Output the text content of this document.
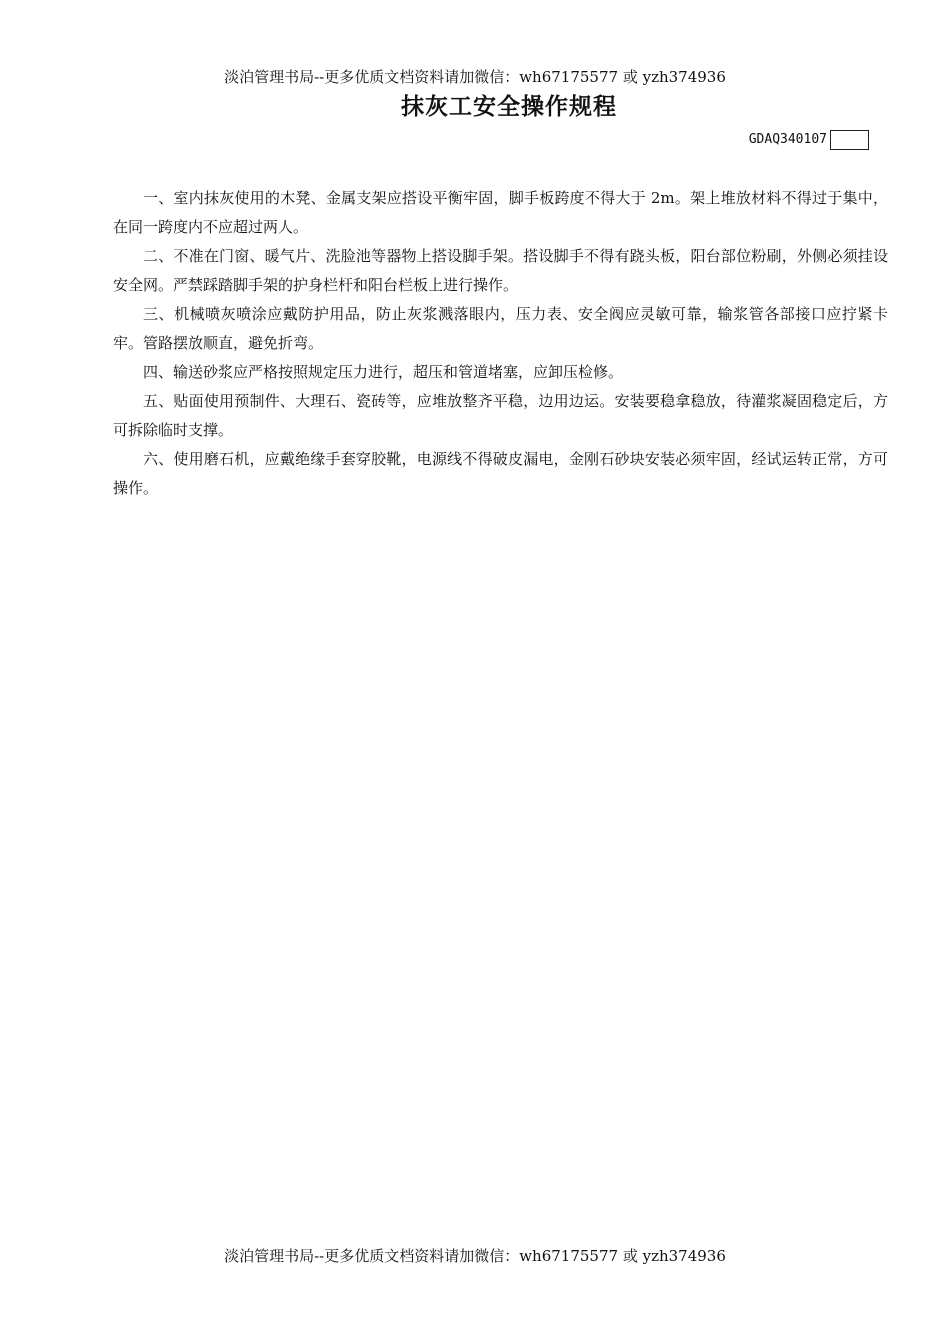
淡泊管理书局--更多优质文档资料请加微信：wh67175577 或 yzh374936
抹灰工安全操作规程
GDAQ340107

一、室内抹灰使用的木凳、金属支架应搭设平衡牢固，脚手板跨度不得大于 2m。架上堆放材料不得过于集中，在同一跨度内不应超过两人。

二、不准在门窗、暖气片、洗脸池等器物上搭设脚手架。搭设脚手不得有跷头板，阳台部位粉刷，外侧必须挂设安全网。严禁踩踏脚手架的护身栏杆和阳台栏板上进行操作。

三、机械喷灰喷涂应戴防护用品，防止灰浆溅落眼内，压力表、安全阀应灵敏可靠，输浆管各部接口应拧紧卡牢。管路摆放顺直，避免折弯。

四、输送砂浆应严格按照规定压力进行，超压和管道堵塞，应卸压检修。

五、贴面使用预制件、大理石、瓷砖等，应堆放整齐平稳，边用边运。安装要稳拿稳放，待灌浆凝固稳定后，方可拆除临时支撑。

六、使用磨石机，应戴绝缘手套穿胶靴，电源线不得破皮漏电，金刚石砂块安装必须牢固，经试运转正常，方可操作。

淡泊管理书局--更多优质文档资料请加微信：wh67175577 或 yzh374936
